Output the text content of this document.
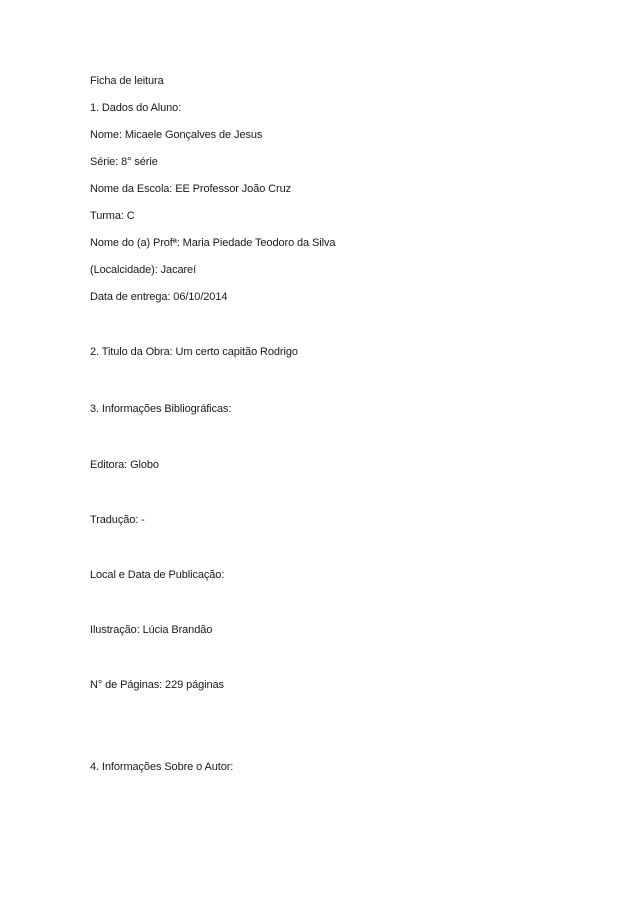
Ficha de leitura
1. Dados do Aluno:
Nome: Micaele Gonçalves de Jesus
Série: 8° série
Nome da Escola: EE Professor João Cruz
Turma: C
Nome do (a) Profª: Maria Piedade Teodoro da Silva
(Localcidade): Jacareí
Data de entrega: 06/10/2014
2. Titulo da Obra: Um certo capitão Rodrigo
3. Informações Bibliográficas:
Editora: Globo
Tradução: -
Local e Data de Publicação:
Ilustração: Lúcia Brandão
N° de Páginas: 229 páginas
4. Informações Sobre o Autor:
